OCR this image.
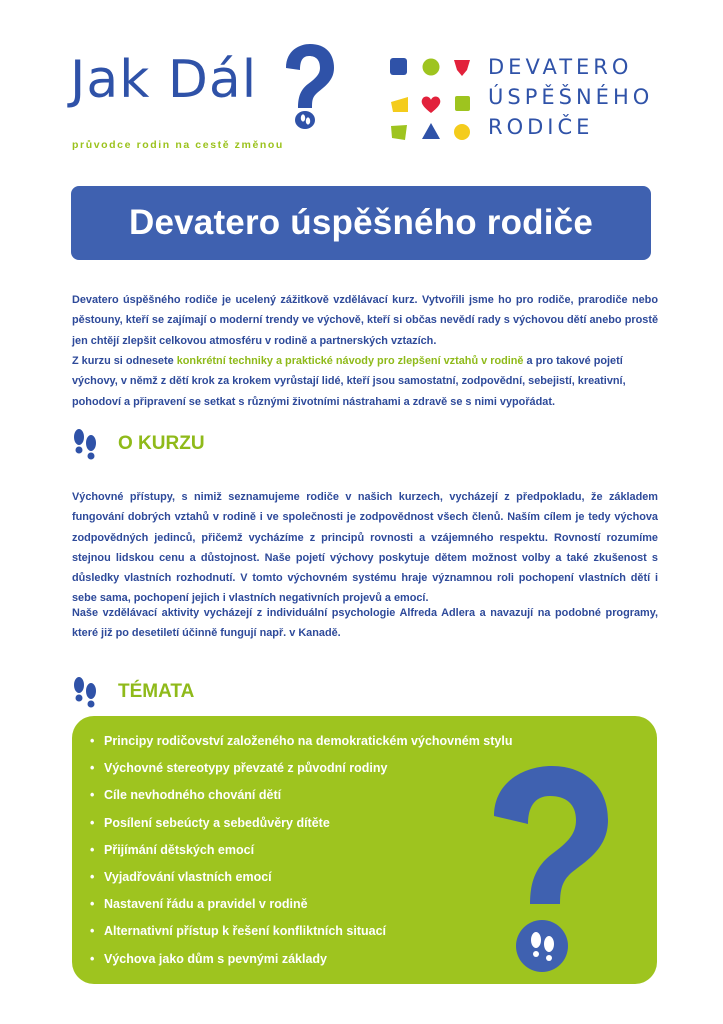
Jak Dál
průvodce rodin na cestě změnou
DEVATERO
ÚSPĚŠNÉHO
RODIČE
Devatero úspěšného rodiče
Devatero úspěšného rodiče je ucelený zážitkově vzdělávací kurz. Vytvořili jsme ho pro rodiče, prarodiče nebo pěstouny, kteří se zajímají o moderní trendy ve výchově, kteří si občas nevědí rady s výchovou dětí anebo prostě jen chtějí zlepšit celkovou atmosféru v rodině a partnerských vztazích.
Z kurzu si odnesete konkrétní techniky a praktické návody pro zlepšení vztahů v rodině a pro takové pojetí výchovy, v němž z dětí krok za krokem vyrůstají lidé, kteří jsou samostatní, zodpovědní, sebejistí, kreativní, pohodoví a připravení se setkat s různými životními nástrahami a zdravě se s nimi vypořádat.
O KURZU
Výchovné přístupy, s nimiž seznamujeme rodiče v našich kurzech, vycházejí z předpokladu, že základem fungování dobrých vztahů v rodině i ve společnosti je zodpovědnost všech členů. Naším cílem je tedy výchova zodpovědných jedinců, přičemž vycházíme z principů rovnosti a vzájemného respektu. Rovností rozumíme stejnou lidskou cenu a důstojnost. Naše pojetí výchovy poskytuje dětem možnost volby a také zkušenost s důsledky vlastních rozhodnutí. V tomto výchovném systému hraje významnou roli pochopení vlastních dětí i sebe sama, pochopení jejich i vlastních negativních projevů a emocí.
Naše vzdělávací aktivity vycházejí z individuální psychologie Alfreda Adlera a navazují na podobné programy, které již po desetiletí účinně fungují např. v Kanadě.
TÉMATA
• Principy rodičovství založeného na demokratickém výchovném stylu
• Výchovné stereotypy převzaté z původní rodiny
• Cíle nevhodného chování dětí
• Posílení sebeúcty a sebedůvěry dítěte
• Přijímání dětských emocí
• Vyjadřování vlastních emocí
• Nastavení řádu a pravidel v rodině
• Alternativní přístup k řešení konfliktních situací
• Výchova jako dům s pevnými základy
